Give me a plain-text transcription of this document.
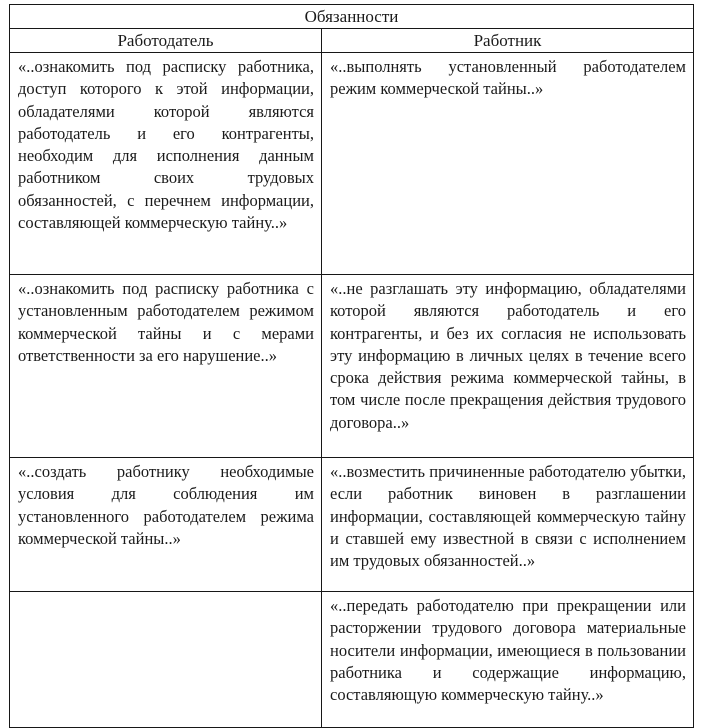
Обязанности	

Работодатель	Работник

«..ознакомить под расписку работника, доступ которого к этой информации, обладателями которой являются работодатель и его контрагенты, необходим для исполнения данным работником своих трудовых обязанностей, с перечнем информации, составляющей коммерческую тайну..»	«..выполнять установленный работодателем режим коммерческой тайны..»

«..ознакомить под расписку работника с установленным работодателем режимом коммерческой тайны и с мерами ответственности за его нарушение..»	«..не разглашать эту информацию, обладателями которой являются работодатель и его контрагенты, и без их согласия не использовать эту информацию в личных целях в течение всего срока действия режима коммерческой тайны, в том числе после прекращения действия трудового договора..»

«..создать работнику необходимые условия для соблюдения им установленного работодателем режима коммерческой тайны..»	«..возместить причиненные работодателю убытки, если работник виновен в разглашении информации, составляющей коммерческую тайну и ставшей ему известной в связи с исполнением им трудовых обязанностей..»

	«..передать работодателю при прекращении или расторжении трудового договора материальные носители информации, имеющиеся в пользовании работника и содержащие информацию, составляющую коммерческую тайну..»
